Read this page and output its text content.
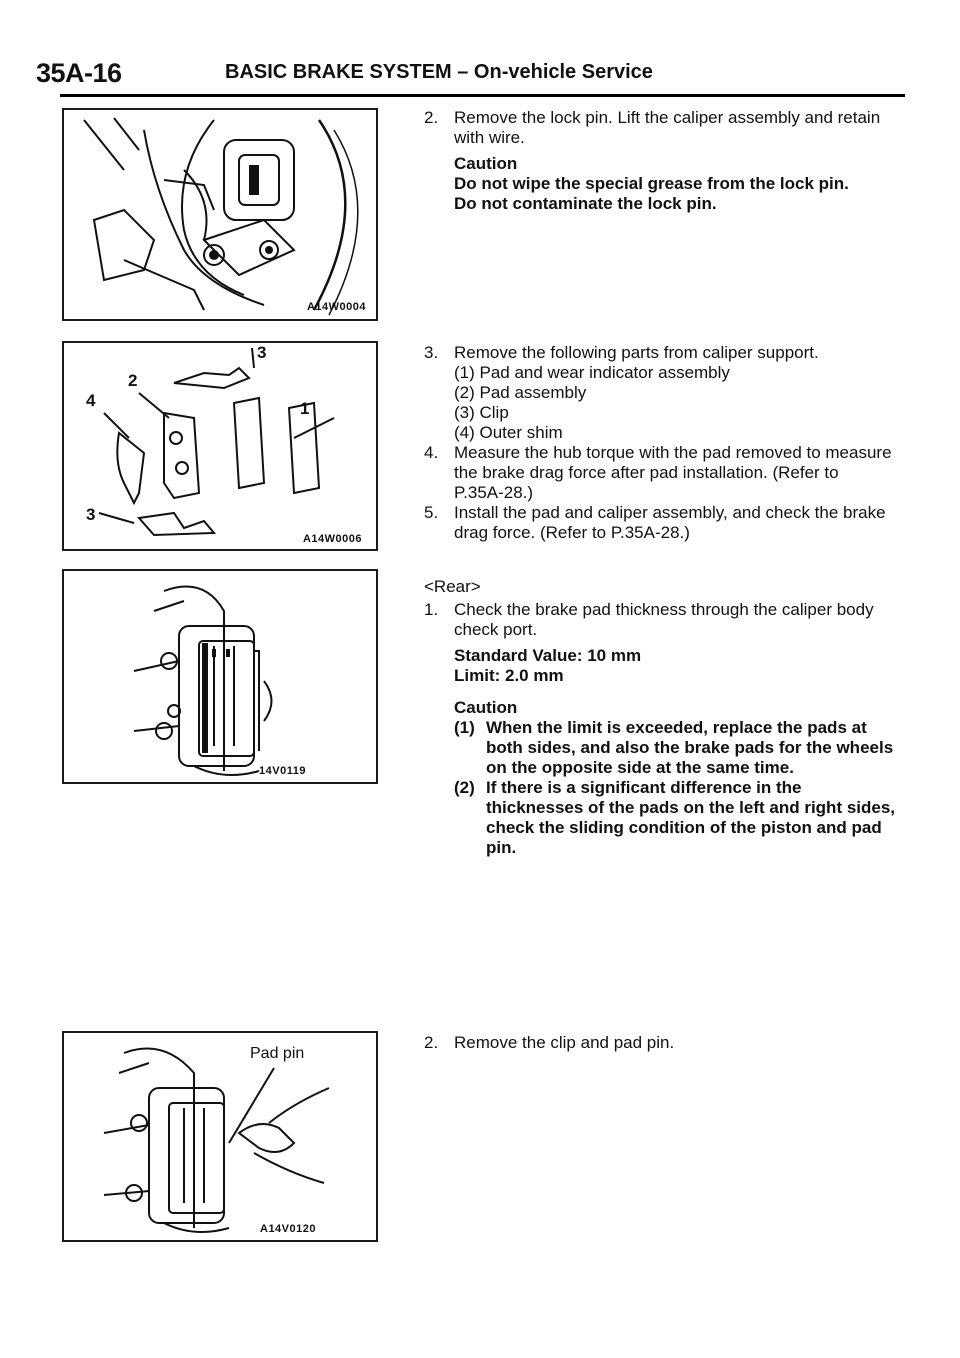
35A-16	BASIC BRAKE SYSTEM – On-vehicle Service
A14W0004
3
2
4	1
3
A14W0006
14V0119
Pad pin
A14V0120
2. Remove the lock pin. Lift the caliper assembly and retain
with wire.
Caution
Do not wipe the special grease from the lock pin.
Do not contaminate the lock pin.
3. Remove the following parts from caliper support.
(1) Pad and wear indicator assembly
(2) Pad assembly
(3) Clip
(4) Outer shim
4. Measure the hub torque with the pad removed to measure
the brake drag force after pad installation. (Refer to
P.35A-28.)
5. Install the pad and caliper assembly, and check the brake
drag force. (Refer to P.35A-28.)
<Rear>
1. Check the brake pad thickness through the caliper body
check port.
Standard Value: 10 mm
Limit: 2.0 mm
Caution
(1) When the limit is exceeded, replace the pads at
both sides, and also the brake pads for the wheels
on the opposite side at the same time.
(2) If there is a significant difference in the
thicknesses of the pads on the left and right sides,
check the sliding condition of the piston and pad
pin.
2. Remove the clip and pad pin.
